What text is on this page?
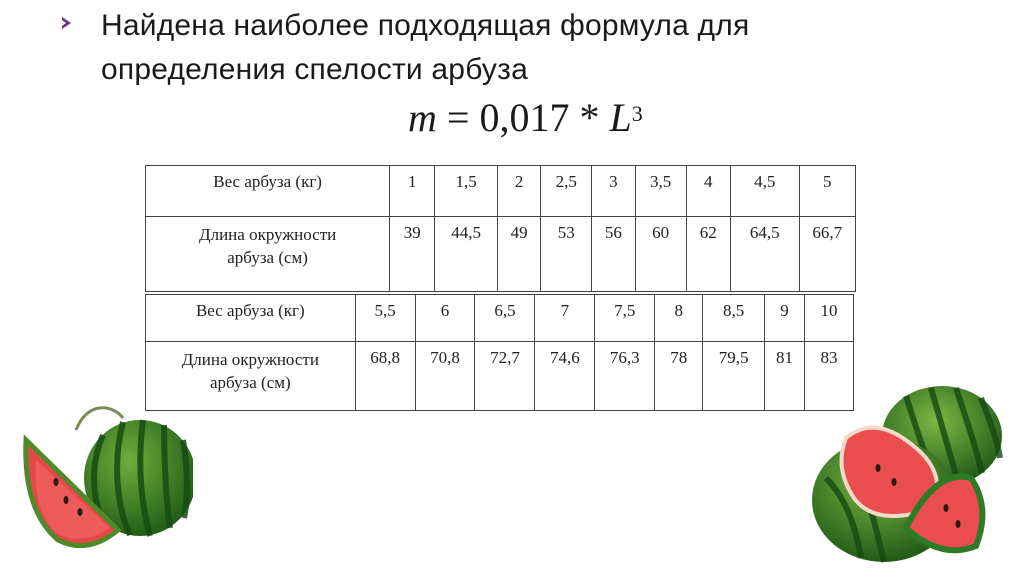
Найдена наиболее подходящая формула для
определения спелости арбуза
$m = 0,017 * L^3$
Вес арбуза (кг)	1	1,5	2	2,5	3	3,5	4	4,5	5

Длина окружности
арбуза (см)	39	44,5	49	53	56	60	62	64,5	66,7
Вес арбуза (кг)	5,5	6	6,5	7	7,5	8	8,5	9	10

Длина окружности
арбуза (см)	68,8	70,8	72,7	74,6	76,3	78	79,5	81	83
